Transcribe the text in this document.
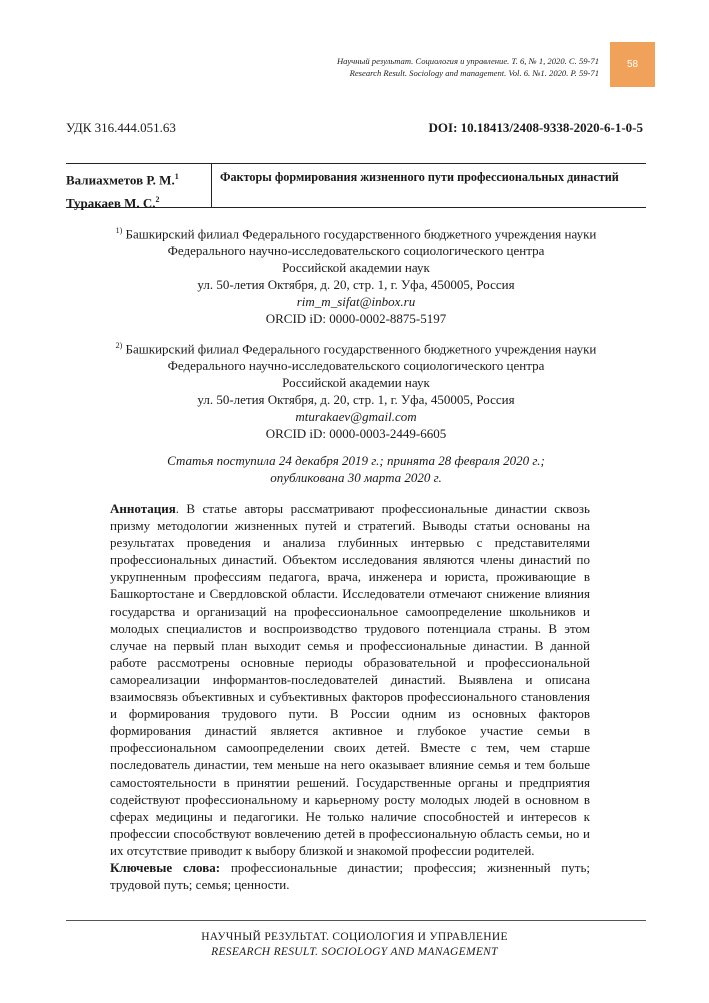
58
Научный результат. Социология и управление. Т. 6, № 1, 2020. С. 59-71
Research Result. Sociology and management. Vol. 6. №1. 2020. P. 59-71
УДК 316.444.051.63	DOI: 10.18413/2408-9338-2020-6-1-0-5
Валиахметов Р. М.$^1$
Туракаев М. С.$^2$
Факторы формирования жизненного пути профессиональных династий
$^{1)}$ Башкирский филиал Федерального государственного бюджетного учреждения науки
Федерального научно-исследовательского социологического центра
Российской академии наук
ул. 50-летия Октября, д. 20, стр. 1, г. Уфа, 450005, Россия
rim_m_sifat@inbox.ru
ORCID iD: 0000-0002-8875-5197
$^{2)}$ Башкирский филиал Федерального государственного бюджетного учреждения науки
Федерального научно-исследовательского социологического центра
Российской академии наук
ул. 50-летия Октября, д. 20, стр. 1, г. Уфа, 450005, Россия
mturakaev@gmail.com
ORCID iD: 0000-0003-2449-6605
Статья поступила 24 декабря 2019 г.; принята 28 февраля 2020 г.;
опубликована 30 марта 2020 г.
Аннотация. В статье авторы рассматривают профессиональные династии сквозь призму методологии жизненных путей и стратегий. Выводы статьи основаны на результатах проведения и анализа глубинных интервью с представителями профессиональных династий. Объектом исследования являются члены династий по укрупненным профессиям педагога, врача, инженера и юриста, проживающие в Башкортостане и Свердловской области. Исследователи отмечают снижение влияния государства и организаций на профессиональное самоопределение школьников и молодых специалистов и воспроизводство трудового потенциала страны. В этом случае на первый план выходит семья и профессиональные династии. В данной работе рассмотрены основные периоды образовательной и профессиональной самореализации информантов-последователей династий. Выявлена и описана взаимосвязь объективных и субъективных факторов профессионального становления и формирования трудового пути. В России одним из основных факторов формирования династий является активное и глубокое участие семьи в профессиональном самоопределении своих детей. Вместе с тем, чем старше последователь династии, тем меньше на него оказывает влияние семья и тем больше самостоятельности в принятии решений. Государственные органы и предприятия содействуют профессиональному и карьерному росту молодых людей в основном в сферах медицины и педагогики. Не только наличие способностей и интересов к профессии способствуют вовлечению детей в профессиональную область семьи, но и их отсутствие приводит к выбору близкой и знакомой профессии родителей.
Ключевые слова: профессиональные династии; профессия; жизненный путь; трудовой путь; семья; ценности.
НАУЧНЫЙ РЕЗУЛЬТАТ. СОЦИОЛОГИЯ И УПРАВЛЕНИЕ
RESEARCH RESULT. SOCIOLOGY AND MANAGEMENT
